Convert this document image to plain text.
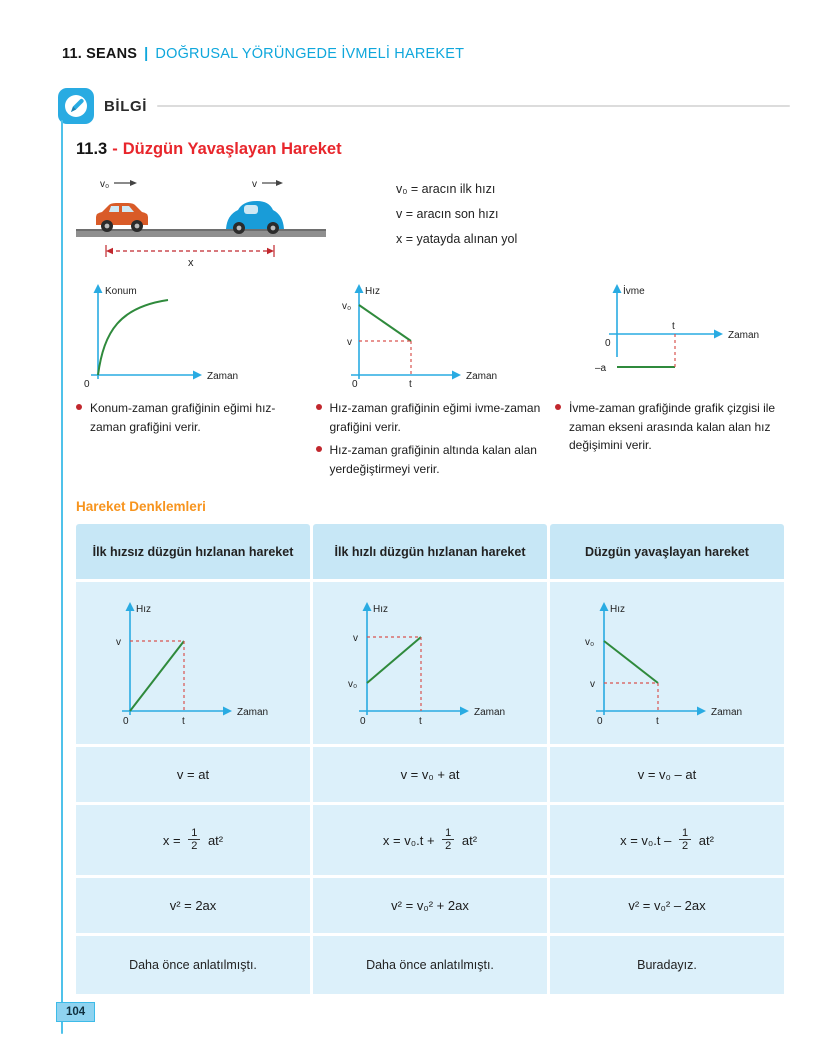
11. SEANS | DOĞRUSAL YÖRÜNGEDE İVMELİ HAREKET
BİLGİ
11.3 - Düzgün Yavaşlayan Hareket
v₀	v
x
v₀ = aracın ilk hızı
v = aracın son hızı
x = yatayda alınan yol
Konum
Zaman
0
Hız
Zaman
v₀
v
0	t
İvme
Zaman
0
t
–a
Konum-zaman grafiğinin eğimi hız-zaman grafiğini verir.
Hız-zaman grafiğinin eğimi ivme-zaman grafiğini verir.
Hız-zaman grafiğinin altında kalan alan yerdeğiştirmeyi verir.
İvme-zaman grafiğinde grafik çizgisi ile zaman ekseni arasında kalan alan hız değişimini verir.
Hareket Denklemleri
İlk hızsız düzgün hızlanan hareket	İlk hızlı düzgün hızlanan hareket	Düzgün yavaşlayan hareket
Hız
Zaman
v
0	t
Hız
Zaman
v
v₀
0	t
Hız
Zaman
v₀
v
0	t
v = at	v = v₀ + at	v = v₀ – at
$x = \frac{1}{2} at^2$	$x = v_0.t + \frac{1}{2} at^2$	$x = v_0.t - \frac{1}{2} at^2$
v² = 2ax	v² = v₀² + 2ax	v² = v₀² – 2ax
Daha önce anlatılmıştı.	Daha önce anlatılmıştı.	Buradayız.
104
